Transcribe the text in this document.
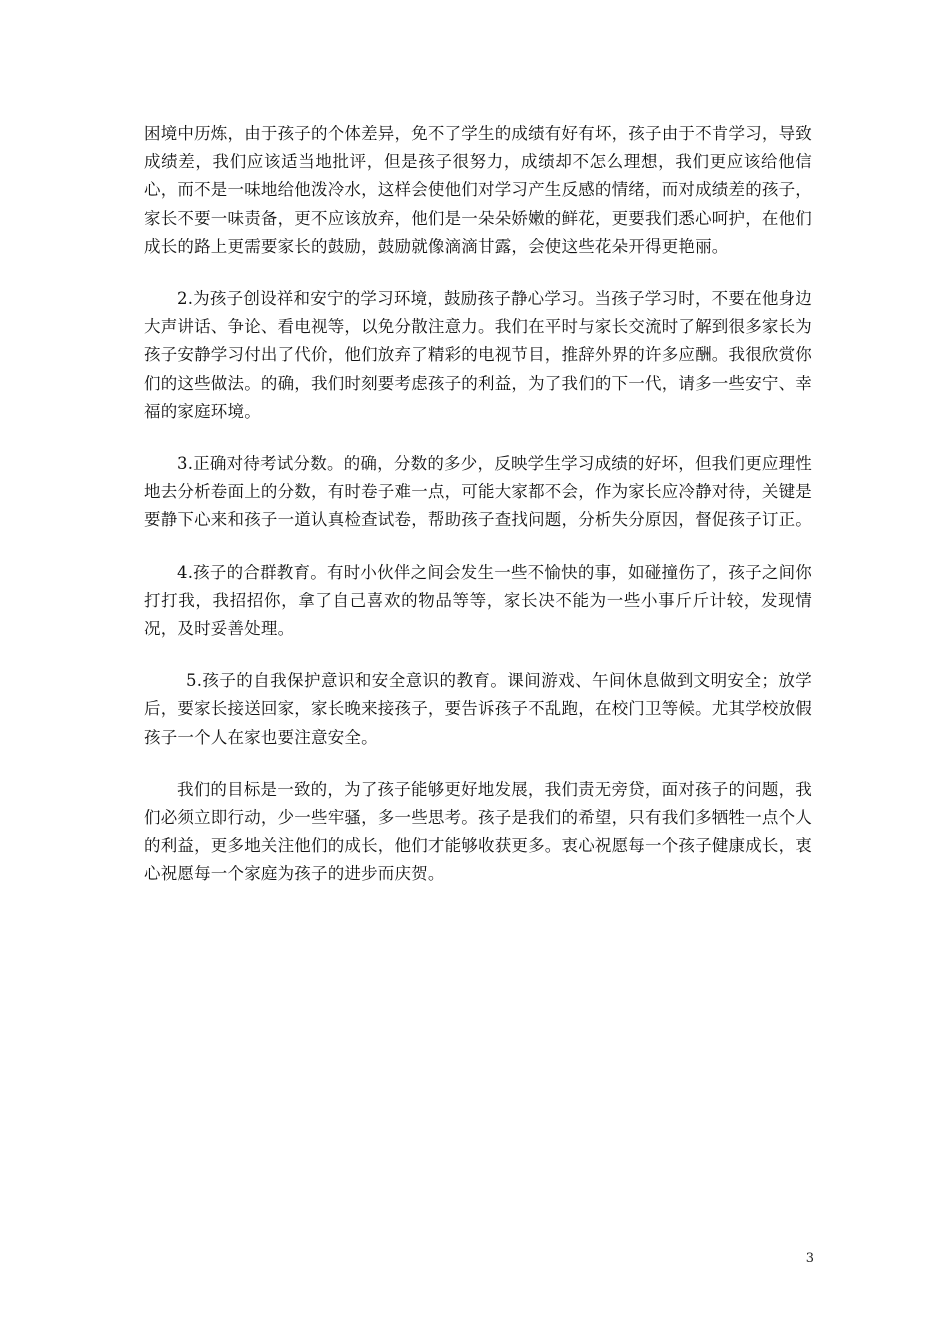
困境中历炼，由于孩子的个体差异，免不了学生的成绩有好有坏，孩子由于不肯学习，导致成绩差，我们应该适当地批评，但是孩子很努力，成绩却不怎么理想，我们更应该给他信心，而不是一味地给他泼冷水，这样会使他们对学习产生反感的情绪，而对成绩差的孩子，家长不要一味责备，更不应该放弃，他们是一朵朵娇嫩的鲜花，更要我们悉心呵护，在他们成长的路上更需要家长的鼓励，鼓励就像滴滴甘露，会使这些花朵开得更艳丽。

2.为孩子创设祥和安宁的学习环境，鼓励孩子静心学习。当孩子学习时，不要在他身边大声讲话、争论、看电视等，以免分散注意力。我们在平时与家长交流时了解到很多家长为孩子安静学习付出了代价，他们放弃了精彩的电视节目，推辞外界的许多应酬。我很欣赏你们的这些做法。的确，我们时刻要考虑孩子的利益，为了我们的下一代，请多一些安宁、幸福的家庭环境。

3.正确对待考试分数。的确，分数的多少，反映学生学习成绩的好坏，但我们更应理性地去分析卷面上的分数，有时卷子难一点，可能大家都不会，作为家长应冷静对待，关键是要静下心来和孩子一道认真检查试卷，帮助孩子查找问题，分析失分原因，督促孩子订正。

4.孩子的合群教育。有时小伙伴之间会发生一些不愉快的事，如碰撞伤了，孩子之间你打打我，我招招你，拿了自己喜欢的物品等等，家长决不能为一些小事斤斤计较，发现情况，及时妥善处理。

5.孩子的自我保护意识和安全意识的教育。课间游戏、午间休息做到文明安全；放学后，要家长接送回家，家长晚来接孩子，要告诉孩子不乱跑，在校门卫等候。尤其学校放假孩子一个人在家也要注意安全。

我们的目标是一致的，为了孩子能够更好地发展，我们责无旁贷，面对孩子的问题，我们必须立即行动，少一些牢骚，多一些思考。孩子是我们的希望，只有我们多牺牲一点个人的利益，更多地关注他们的成长，他们才能够收获更多。衷心祝愿每一个孩子健康成长，衷心祝愿每一个家庭为孩子的进步而庆贺。

3
